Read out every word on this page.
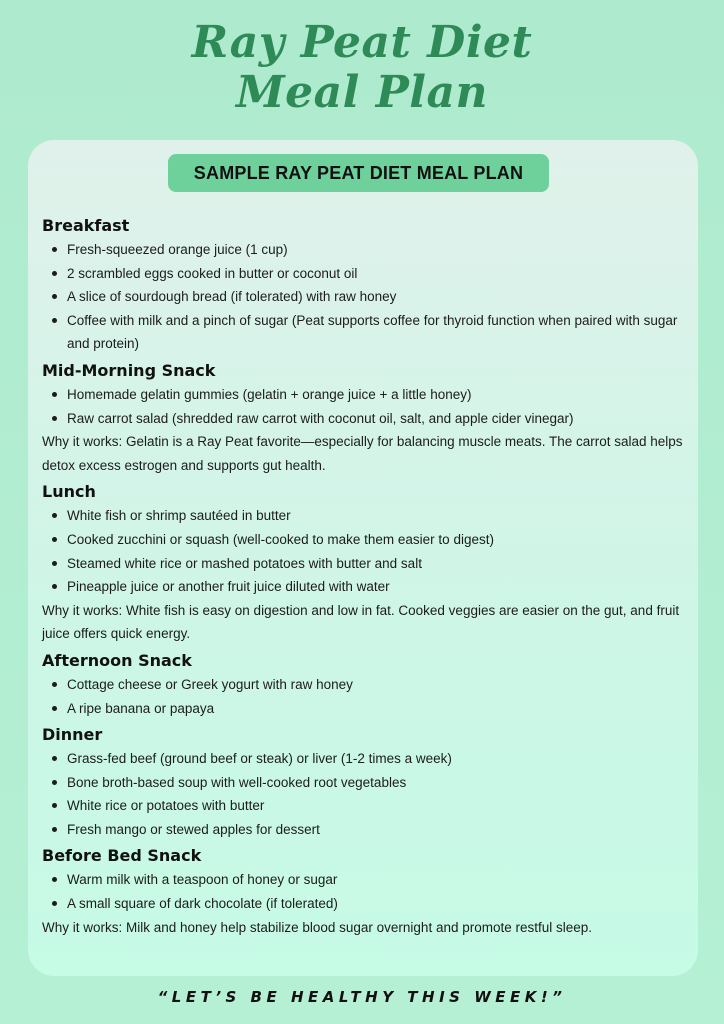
Ray Peat Diet
Meal Plan
SAMPLE RAY PEAT DIET MEAL PLAN
Breakfast
Fresh-squeezed orange juice (1 cup)
2 scrambled eggs cooked in butter or coconut oil
A slice of sourdough bread (if tolerated) with raw honey
Coffee with milk and a pinch of sugar (Peat supports coffee for thyroid function when paired with sugar and protein)
Mid-Morning Snack
Homemade gelatin gummies (gelatin + orange juice + a little honey)
Raw carrot salad (shredded raw carrot with coconut oil, salt, and apple cider vinegar)

Why it works: Gelatin is a Ray Peat favorite—especially for balancing muscle meats. The carrot salad helps detox excess estrogen and supports gut health.

Lunch
White fish or shrimp sautéed in butter
Cooked zucchini or squash (well-cooked to make them easier to digest)
Steamed white rice or mashed potatoes with butter and salt
Pineapple juice or another fruit juice diluted with water

Why it works: White fish is easy on digestion and low in fat. Cooked veggies are easier on the gut, and fruit juice offers quick energy.

Afternoon Snack
Cottage cheese or Greek yogurt with raw honey
A ripe banana or papaya
Dinner
Grass-fed beef (ground beef or steak) or liver (1-2 times a week)
Bone broth-based soup with well-cooked root vegetables
White rice or potatoes with butter
Fresh mango or stewed apples for dessert
Before Bed Snack
Warm milk with a teaspoon of honey or sugar
A small square of dark chocolate (if tolerated)

Why it works: Milk and honey help stabilize blood sugar overnight and promote restful sleep.

“LET’S BE HEALTHY THIS WEEK!”
